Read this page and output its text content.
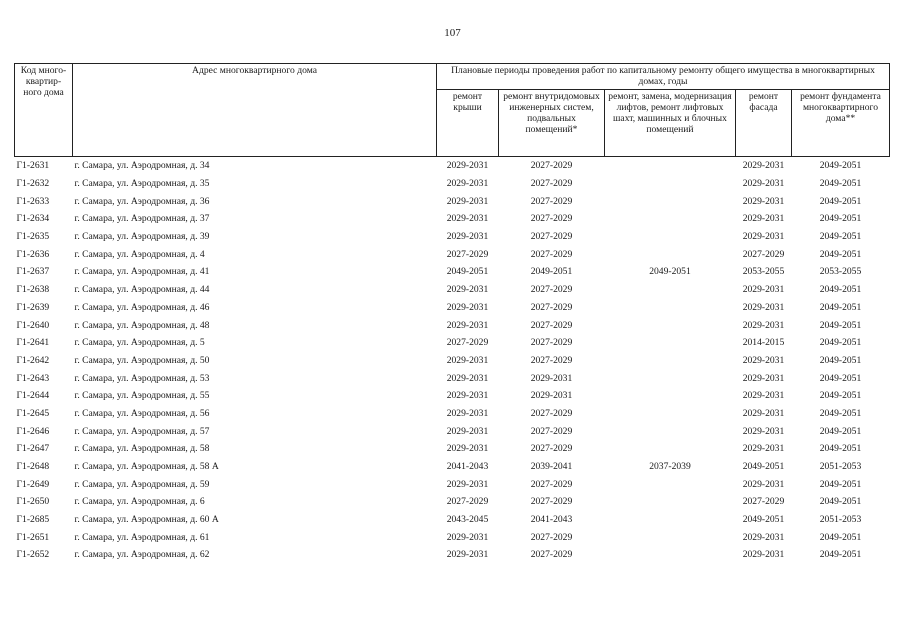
107
Код много-квартир-ного дома	Адрес многоквартирного дома	Плановые периоды проведения работ по капитальному ремонту общего имущества в многоквартирных домах, годы				
		ремонт крыши	ремонт внутридомовых инженерных систем, подвальных помещений*	ремонт, замена, модернизация лифтов, ремонт лифтовых шахт, машинных и блочных помещений	ремонт фасада	ремонт фундамента многоквартирного дома**
Г1-2631	г. Самара, ул. Аэродромная, д. 34	2029-2031	2027-2029		2029-2031	2049-2051
Г1-2632	г. Самара, ул. Аэродромная, д. 35	2029-2031	2027-2029		2029-2031	2049-2051
Г1-2633	г. Самара, ул. Аэродромная, д. 36	2029-2031	2027-2029		2029-2031	2049-2051
Г1-2634	г. Самара, ул. Аэродромная, д. 37	2029-2031	2027-2029		2029-2031	2049-2051
Г1-2635	г. Самара, ул. Аэродромная, д. 39	2029-2031	2027-2029		2029-2031	2049-2051
Г1-2636	г. Самара, ул. Аэродромная, д. 4	2027-2029	2027-2029		2027-2029	2049-2051
Г1-2637	г. Самара, ул. Аэродромная, д. 41	2049-2051	2049-2051	2049-2051	2053-2055	2053-2055
Г1-2638	г. Самара, ул. Аэродромная, д. 44	2029-2031	2027-2029		2029-2031	2049-2051
Г1-2639	г. Самара, ул. Аэродромная, д. 46	2029-2031	2027-2029		2029-2031	2049-2051
Г1-2640	г. Самара, ул. Аэродромная, д. 48	2029-2031	2027-2029		2029-2031	2049-2051
Г1-2641	г. Самара, ул. Аэродромная, д. 5	2027-2029	2027-2029		2014-2015	2049-2051
Г1-2642	г. Самара, ул. Аэродромная, д. 50	2029-2031	2027-2029		2029-2031	2049-2051
Г1-2643	г. Самара, ул. Аэродромная, д. 53	2029-2031	2029-2031		2029-2031	2049-2051
Г1-2644	г. Самара, ул. Аэродромная, д. 55	2029-2031	2029-2031		2029-2031	2049-2051
Г1-2645	г. Самара, ул. Аэродромная, д. 56	2029-2031	2027-2029		2029-2031	2049-2051
Г1-2646	г. Самара, ул. Аэродромная, д. 57	2029-2031	2027-2029		2029-2031	2049-2051
Г1-2647	г. Самара, ул. Аэродромная, д. 58	2029-2031	2027-2029		2029-2031	2049-2051
Г1-2648	г. Самара, ул. Аэродромная, д. 58 А	2041-2043	2039-2041	2037-2039	2049-2051	2051-2053
Г1-2649	г. Самара, ул. Аэродромная, д. 59	2029-2031	2027-2029		2029-2031	2049-2051
Г1-2650	г. Самара, ул. Аэродромная, д. 6	2027-2029	2027-2029		2027-2029	2049-2051
Г1-2685	г. Самара, ул. Аэродромная, д. 60 А	2043-2045	2041-2043		2049-2051	2051-2053
Г1-2651	г. Самара, ул. Аэродромная, д. 61	2029-2031	2027-2029		2029-2031	2049-2051
Г1-2652	г. Самара, ул. Аэродромная, д. 62	2029-2031	2027-2029		2029-2031	2049-2051
